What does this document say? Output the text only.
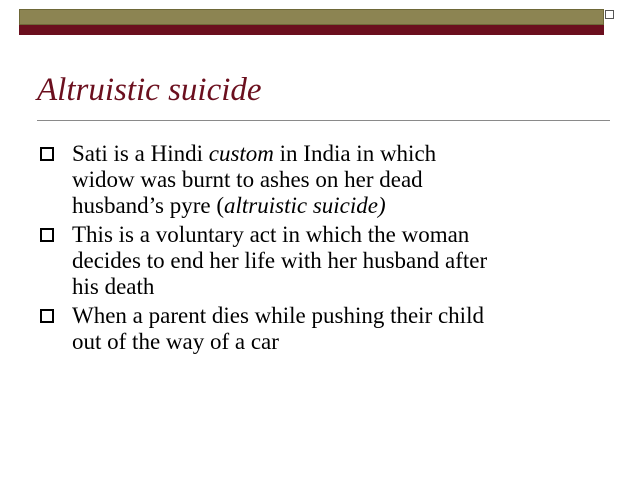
Altruistic suicide
Sati is a Hindi custom in India in which
widow was burnt to ashes on her dead
husband’s pyre (altruistic suicide)
This is a voluntary act in which the woman
decides to end her life with her husband after
his death
When a parent dies while pushing their child
out of the way of a car
